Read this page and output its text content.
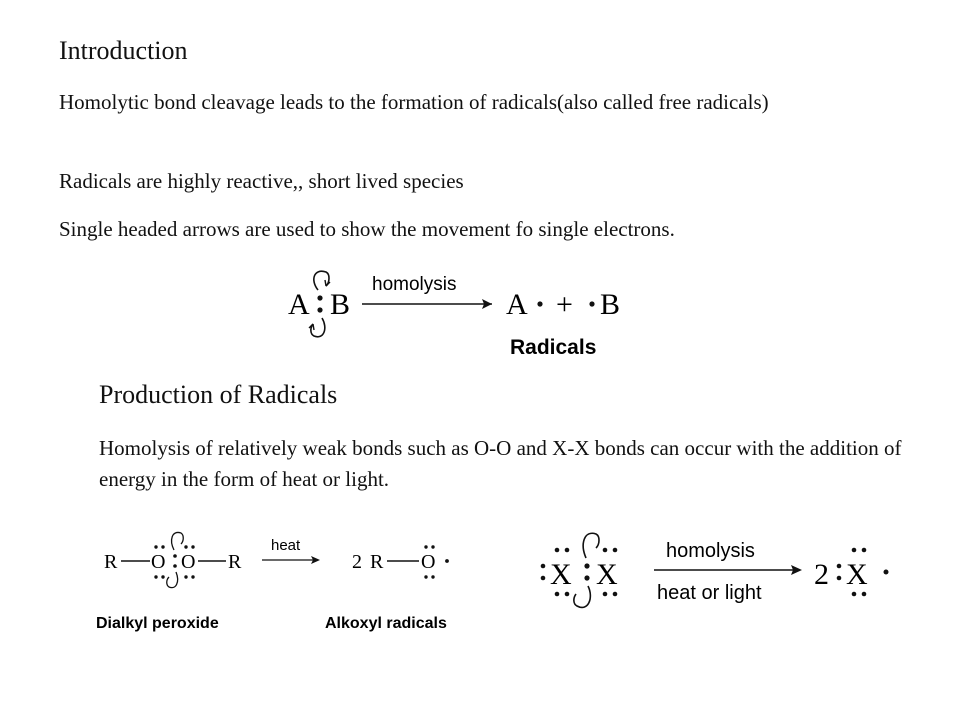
Introduction
Homolytic bond cleavage leads to the formation of radicals(also called free radicals)
Radicals are highly reactive,, short lived species
Single headed arrows are used to show the movement fo single electrons.
A B
homolysis
A + B
Radicals
Production of Radicals
Homolysis of relatively weak bonds such as O-O and X-X bonds can occur with the addition of energy in the form of heat or light.
R O O R
heat
2 R O
Dialkyl peroxide	Alkoxyl radicals
X X
homolysis
heat or light
2 X
